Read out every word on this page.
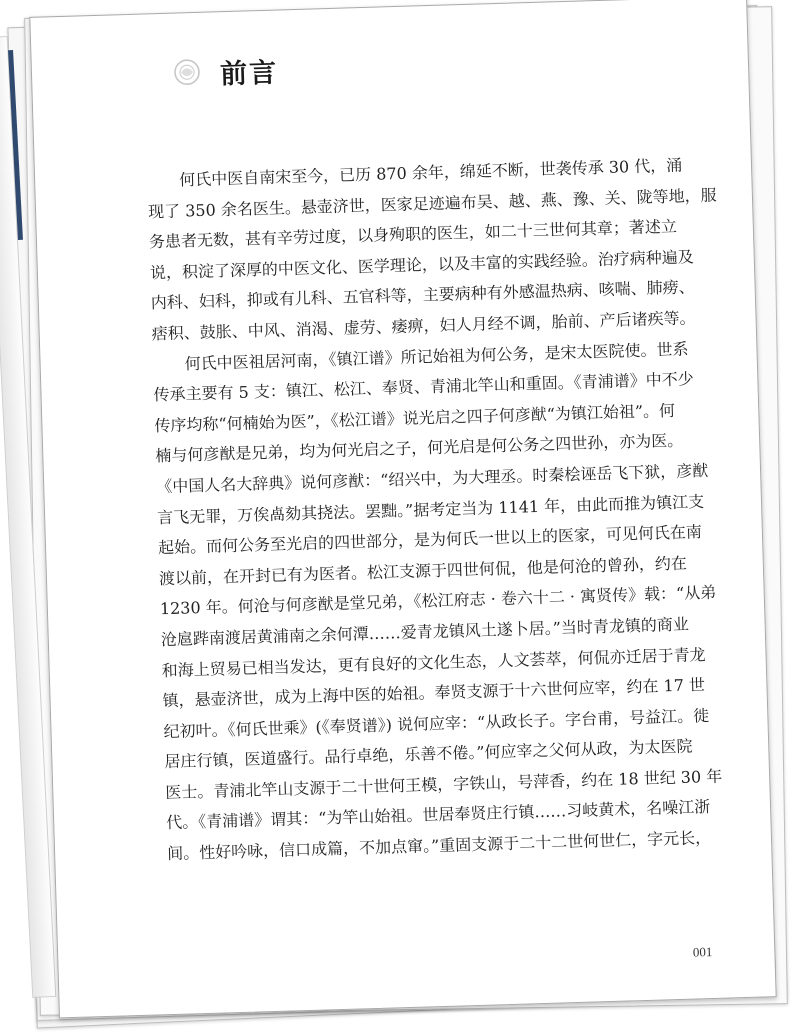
前言
何氏中医自南宋至今，已历 870 余年，绵延不断，世袭传承 30 代，涌
现了 350 余名医生。悬壶济世，医家足迹遍布吴、越、燕、豫、关、陇等地，服
务患者无数，甚有辛劳过度，以身殉职的医生，如二十三世何其章；著述立
说，积淀了深厚的中医文化、医学理论，以及丰富的实践经验。治疗病种遍及
内科、妇科，抑或有儿科、五官科等，主要病种有外感温热病、咳喘、肺痨、
痞积、鼓胀、中风、消渴、虚劳、痿痹，妇人月经不调，胎前、产后诸疾等。
何氏中医祖居河南，《镇江谱》所记始祖为何公务，是宋太医院使。世系
传承主要有 5 支：镇江、松江、奉贤、青浦北竿山和重固。《青浦谱》中不少
传序均称“何楠始为医”，《松江谱》说光启之四子何彦猷“为镇江始祖”。何
楠与何彦猷是兄弟，均为何光启之子，何光启是何公务之四世孙，亦为医。
《中国人名大辞典》说何彦猷：“绍兴中，为大理丞。时秦桧诬岳飞下狱，彦猷
言飞无罪，万俟卨劾其挠法。罢黜。”据考定当为 1141 年，由此而推为镇江支
起始。而何公务至光启的四世部分，是为何氏一世以上的医家，可见何氏在南
渡以前，在开封已有为医者。松江支源于四世何侃，他是何沧的曾孙，约在
1230 年。何沧与何彦猷是堂兄弟，《松江府志 · 卷六十二 · 寓贤传》载：“从弟
沧扈跸南渡居黄浦南之余何潭……爱青龙镇风土遂卜居。”当时青龙镇的商业
和海上贸易已相当发达，更有良好的文化生态，人文荟萃，何侃亦迁居于青龙
镇，悬壶济世，成为上海中医的始祖。奉贤支源于十六世何应宰，约在 17 世
纪初叶。《何氏世乘》(《奉贤谱》) 说何应宰：“从政长子。字台甫，号益江。徙
居庄行镇，医道盛行。品行卓绝，乐善不倦。”何应宰之父何从政，为太医院
医士。青浦北竿山支源于二十世何王模，字铁山，号萍香，约在 18 世纪 30 年
代。《青浦谱》谓其：“为竿山始祖。世居奉贤庄行镇……习岐黄术，名噪江浙
间。性好吟咏，信口成篇，不加点窜。”重固支源于二十二世何世仁，字元长，
001
